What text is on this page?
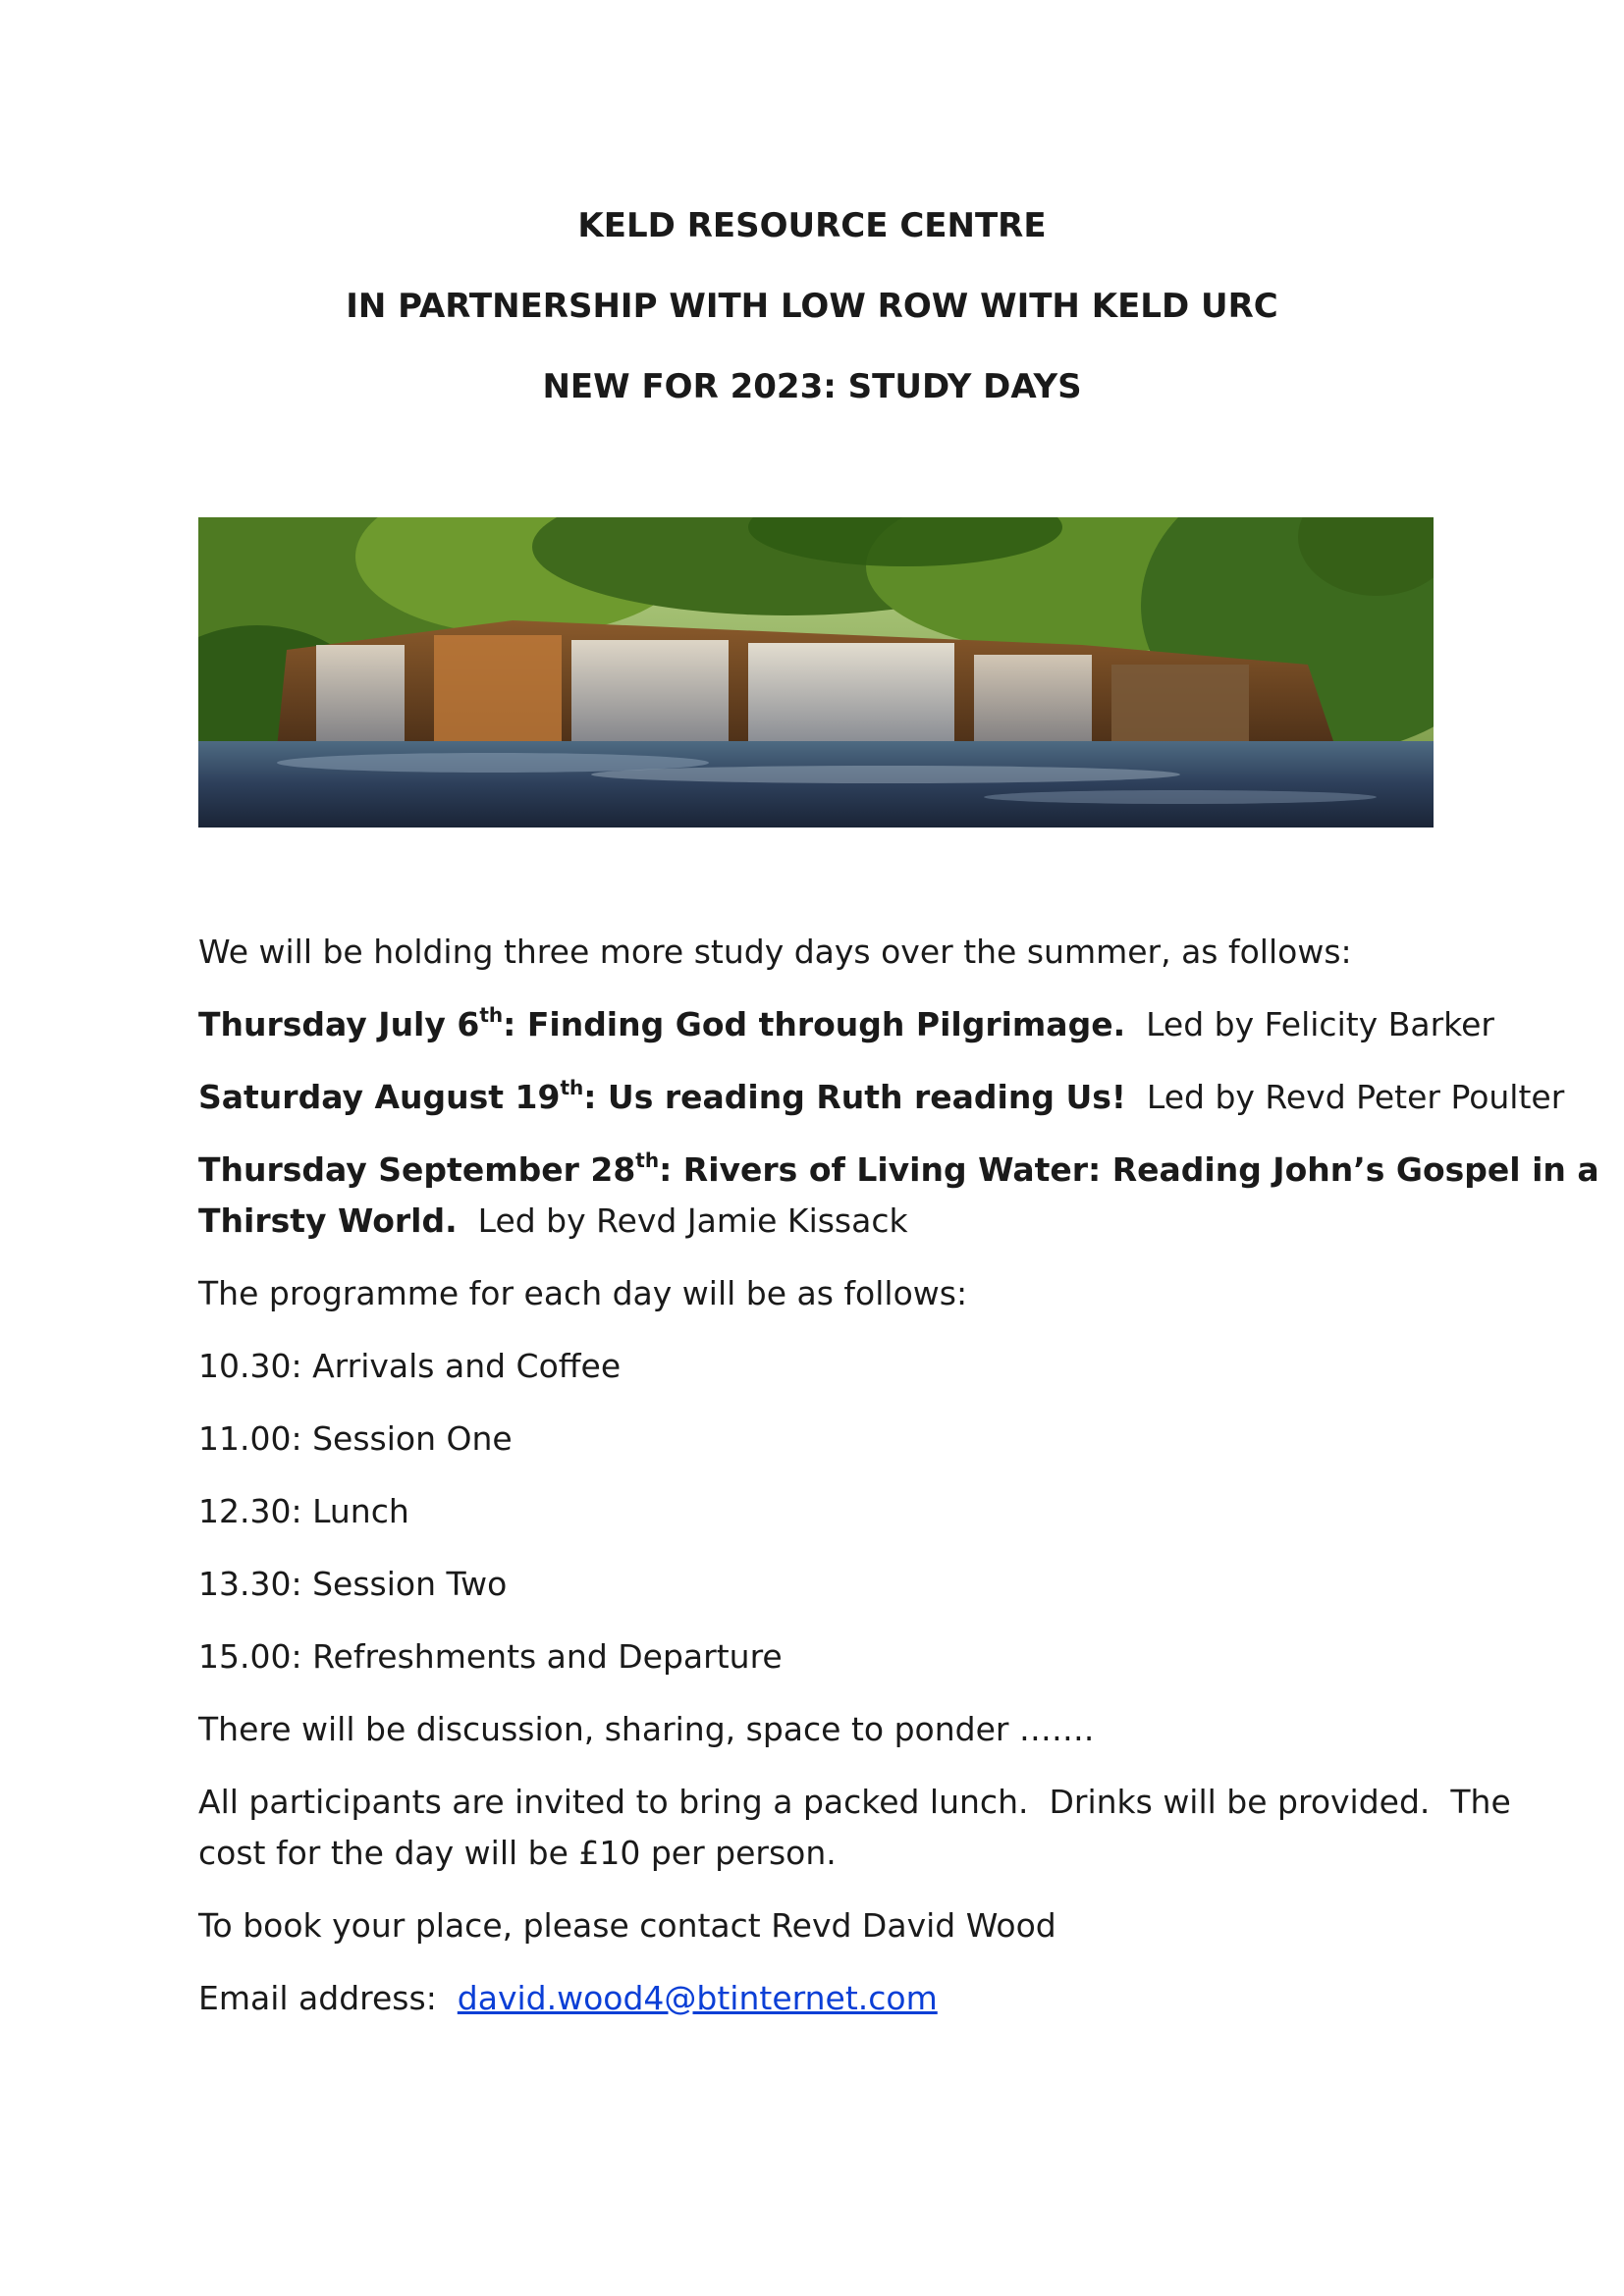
KELD RESOURCE CENTRE
IN PARTNERSHIP WITH LOW ROW WITH KELD URC
NEW FOR 2023: STUDY DAYS
We will be holding three more study days over the summer, as follows:
Thursday July 6th: Finding God through Pilgrimage.  Led by Felicity Barker
Saturday August 19th: Us reading Ruth reading Us!  Led by Revd Peter Poulter
Thursday September 28th: Rivers of Living Water: Reading John’s Gospel in a
Thirsty World.  Led by Revd Jamie Kissack
The programme for each day will be as follows:
10.30: Arrivals and Coffee
11.00: Session One
12.30: Lunch
13.30: Session Two
15.00: Refreshments and Departure
There will be discussion, sharing, space to ponder …….
All participants are invited to bring a packed lunch.  Drinks will be provided.  The
cost for the day will be £10 per person.
To book your place, please contact Revd David Wood
Email address:  david.wood4@btinternet.com
